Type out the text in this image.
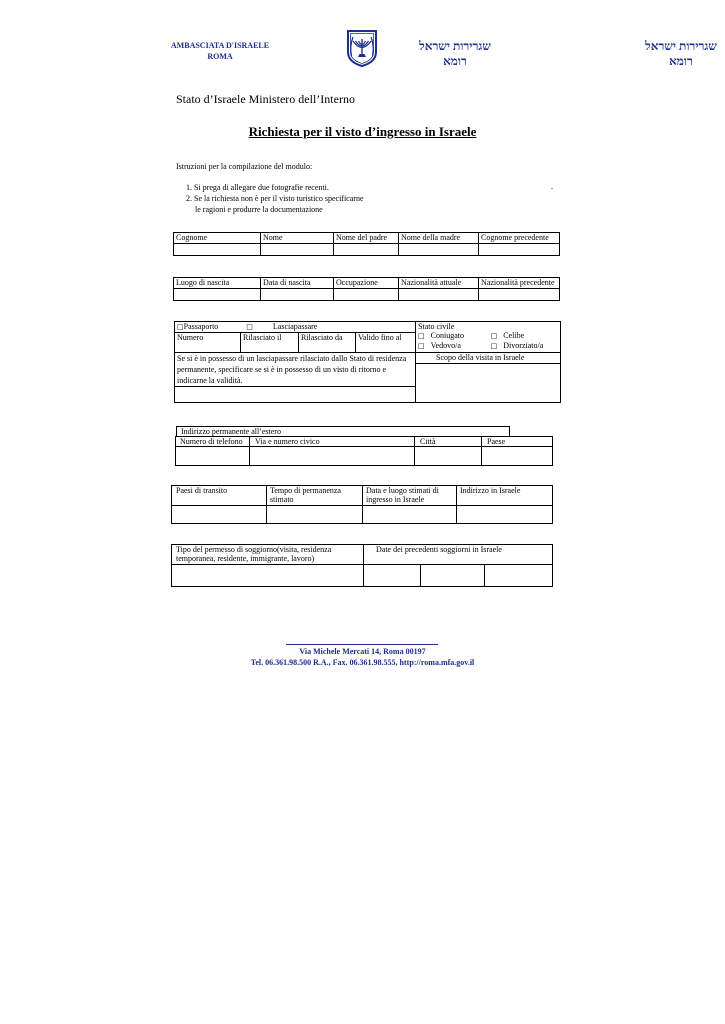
AMBASCIATA D'ISRAELE
ROMA
שגרירות ישראל
רומא
שגרירות ישראל
רומא
Stato d’Israele Ministero dell’Interno
Richiesta per il visto d’ingresso in Israele
Istruzioni per la compilazione del modulo:
1. Si prega di allegare due fotografie recenti.
2. Se la richiesta non è per il visto turistico specificarne
le ragioni e produrre la documentazione
.
Cognome	Nome	Nome del padre	Nome della madre	Cognome precedente

Luogo di nascita	Data di nascita	Occupazione	Nazionalità attuale	Nazionalità precedente

□Passaporto □ Lasciapassare				Stato civile
□ Coniugato □ Celibe
□ Vedovo/a □ Divorziato/a

Numero	Rilasciato il	Rilasciato da	Valido fino al	
Se si è in possesso di un lasciapassare rilasciato dallo Stato di residenza permanente, specificare se si è in possesso di un visto di ritorno e indicarne la validità.				Scopo della visita in Israele

Indirizzo permanente all’estero
Numero di telefono	Via e numero civico	Città	Paese

Paesi di transito	Tempo di permanenza stimato	Data e luogo stimati di ingresso in Israele	Indirizzo in Israele

Tipo del permesso di soggiorno(visita, residenza temporanea, residente, immigrante, lavoro)	Date dei precedenti soggiorni in Israele		

Via Michele Mercati 14, Roma 00197
Tel. 06.361.98.500 R.A., Fax. 06.361.98.555, http://roma.mfa.gov.il
